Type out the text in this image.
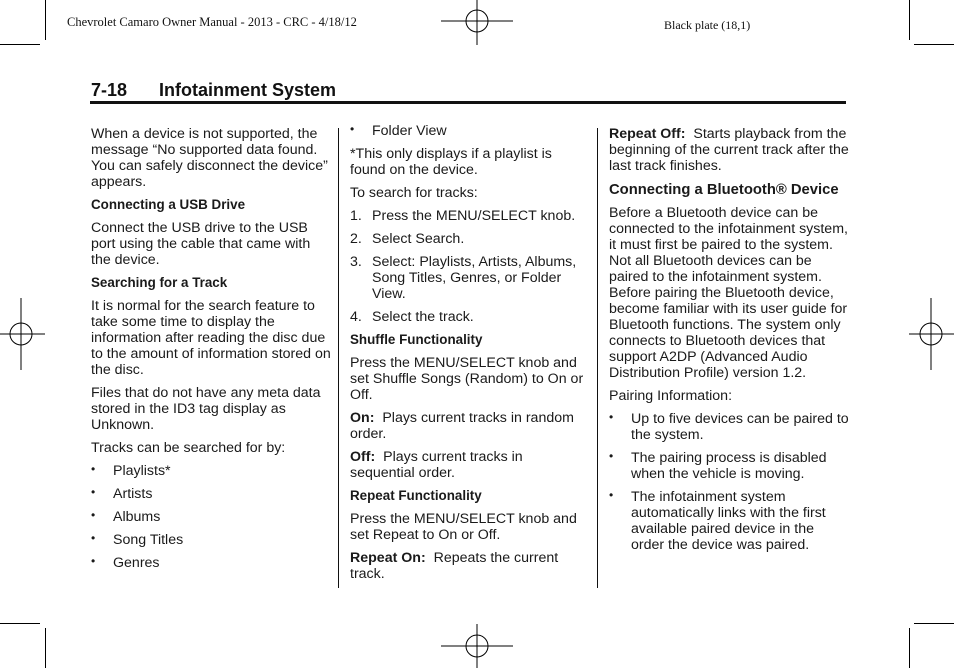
Chevrolet Camaro Owner Manual - 2013 - CRC - 4/18/12	Black plate (18,1)
7-18 Infotainment System

When a device is not supported, the message “No supported data found. You can safely disconnect the device” appears.

Connecting a USB Drive

Connect the USB drive to the USB port using the cable that came with the device.

Searching for a Track

It is normal for the search feature to take some time to display the information after reading the disc due to the amount of information stored on the disc.

Files that do not have any meta data stored in the ID3 tag display as Unknown.

Tracks can be searched for by:

• Playlists*
• Artists
• Albums
• Song Titles
• Genres
• Folder View

*This only displays if a playlist is found on the device.

To search for tracks:

1. Press the MENU/SELECT knob.
2. Select Search.
3. Select: Playlists, Artists, Albums, Song Titles, Genres, or Folder View.
4. Select the track.

Shuffle Functionality

Press the MENU/SELECT knob and set Shuffle Songs (Random) to On or Off.

On: Plays current tracks in random order.

Off: Plays current tracks in sequential order.

Repeat Functionality

Press the MENU/SELECT knob and set Repeat to On or Off.

Repeat On: Repeats the current track.

Repeat Off: Starts playback from the beginning of the current track after the last track finishes.

Connecting a Bluetooth® Device

Before a Bluetooth device can be connected to the infotainment system, it must first be paired to the system. Not all Bluetooth devices can be paired to the infotainment system. Before pairing the Bluetooth device, become familiar with its user guide for Bluetooth functions. The system only connects to Bluetooth devices that support A2DP (Advanced Audio Distribution Profile) version 1.2.

Pairing Information:

• Up to five devices can be paired to the system.
• The pairing process is disabled when the vehicle is moving.
• The infotainment system automatically links with the first available paired device in the order the device was paired.
